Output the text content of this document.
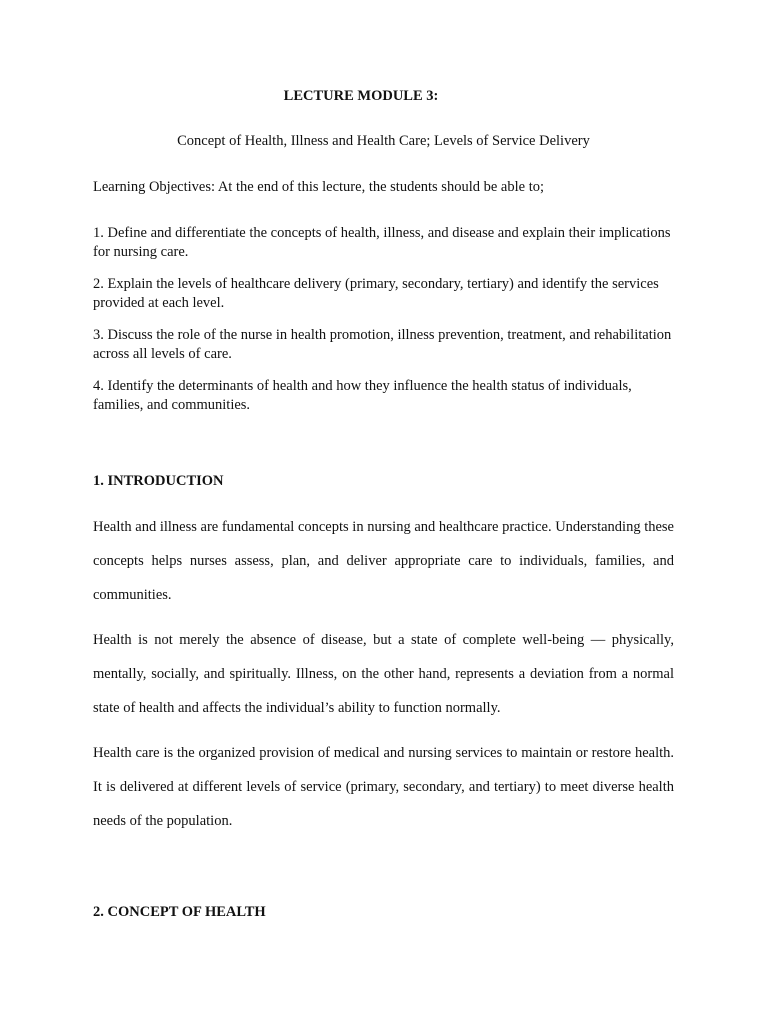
LECTURE MODULE 3:
Concept of Health, Illness and Health Care; Levels of Service Delivery
Learning Objectives: At the end of this lecture, the students should be able to;
1. Define and differentiate the concepts of health, illness, and disease and explain their implications for nursing care.
2. Explain the levels of healthcare delivery (primary, secondary, tertiary) and identify the services provided at each level.
3. Discuss the role of the nurse in health promotion, illness prevention, treatment, and rehabilitation across all levels of care.
4. Identify the determinants of health and how they influence the health status of individuals, families, and communities.
1. INTRODUCTION

Health and illness are fundamental concepts in nursing and healthcare practice. Understanding these concepts helps nurses assess, plan, and deliver appropriate care to individuals, families, and communities.

Health is not merely the absence of disease, but a state of complete well-being — physically, mentally, socially, and spiritually. Illness, on the other hand, represents a deviation from a normal state of health and affects the individual’s ability to function normally.

Health care is the organized provision of medical and nursing services to maintain or restore health. It is delivered at different levels of service (primary, secondary, and tertiary) to meet diverse health needs of the population.

2. CONCEPT OF HEALTH
